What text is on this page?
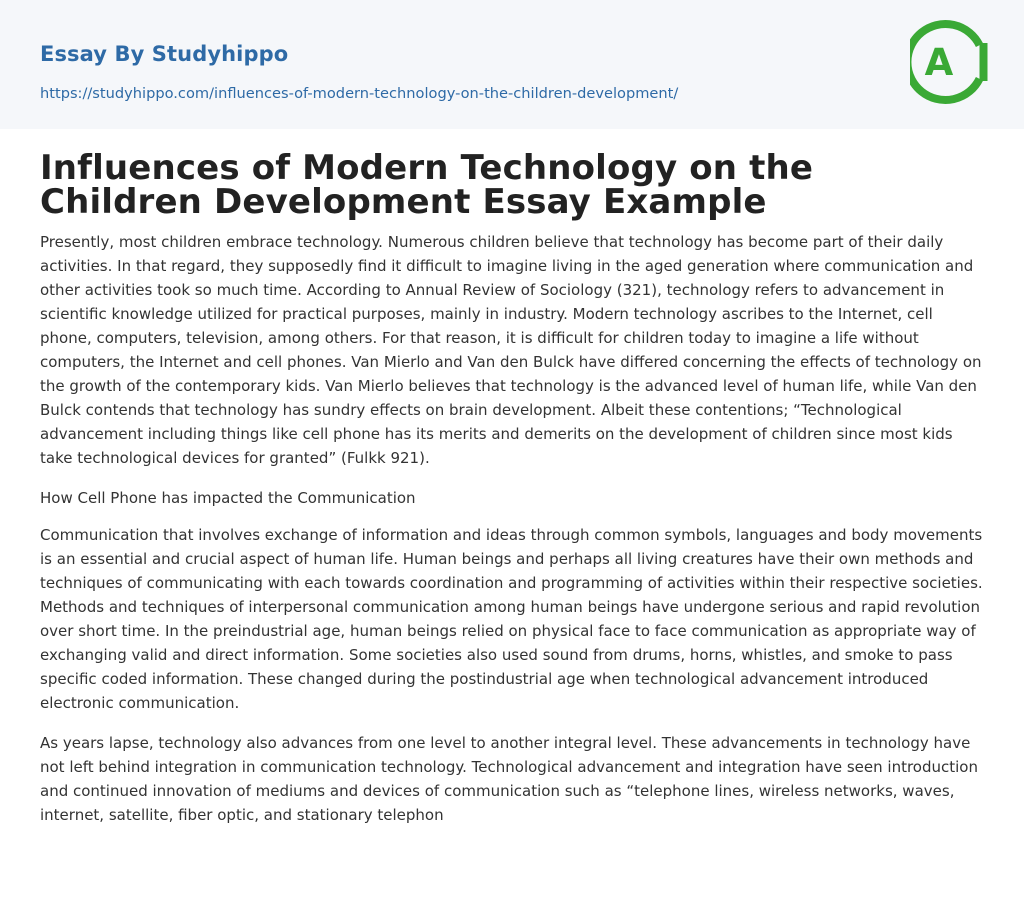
Essay By Studyhippo
https://studyhippo.com/influences-of-modern-technology-on-the-children-development/
A
Influences of Modern Technology on the Children Development Essay Example

Presently, most children embrace technology. Numerous children believe that technology has become part of their daily activities. In that regard, they supposedly find it difficult to imagine living in the aged generation where communication and other activities took so much time. According to Annual Review of Sociology (321), technology refers to advancement in scientific knowledge utilized for practical purposes, mainly in industry. Modern technology ascribes to the Internet, cell phone, computers, television, among others. For that reason, it is difficult for children today to imagine a life without computers, the Internet and cell phones. Van Mierlo and Van den Bulck have differed concerning the effects of technology on the growth of the contemporary kids. Van Mierlo believes that technology is the advanced level of human life, while Van den Bulck contends that technology has sundry effects on brain development. Albeit these contentions; “Technological advancement including things like cell phone has its merits and demerits on the development of children since most kids take technological devices for granted” (Fulkk 921).

How Cell Phone has impacted the Communication

Communication that involves exchange of information and ideas through common symbols, languages and body movements is an essential and crucial aspect of human life. Human beings and perhaps all living creatures have their own methods and techniques of communicating with each towards coordination and programming of activities within their respective societies. Methods and techniques of interpersonal communication among human beings have undergone serious and rapid revolution over short time. In the preindustrial age, human beings relied on physical face to face communication as appropriate way of exchanging valid and direct information. Some societies also used sound from drums, horns, whistles, and smoke to pass specific coded information. These changed during the postindustrial age when technological advancement introduced electronic communication.

As years lapse, technology also advances from one level to another integral level. These advancements in technology have not left behind integration in communication technology. Technological advancement and integration have seen introduction and continued innovation of mediums and devices of communication such as “telephone lines, wireless networks, waves, internet, satellite, fiber optic, and stationary telephon
